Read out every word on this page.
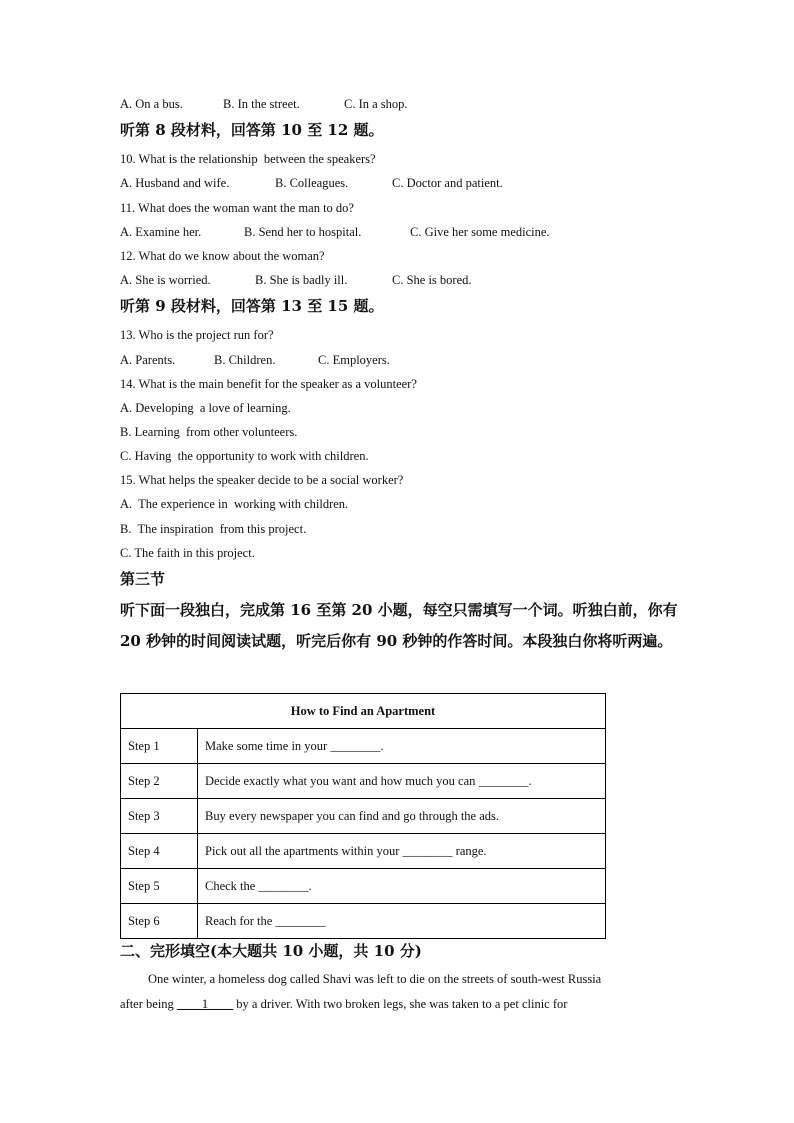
A. On a bus.	B. In the street.	C. In a shop.
听第 8 段材料，回答第 10 至 12 题。
10. What is the relationship  between the speakers?
A. Husband and wife.	B. Colleagues.	C. Doctor and patient.
11. What does the woman want the man to do?
A. Examine her.	B. Send her to hospital.	C. Give her some medicine.
12. What do we know about the woman?
A. She is worried.	B. She is badly ill.	C. She is bored.
听第 9 段材料，回答第 13 至 15 题。
13. Who is the project run for?
A. Parents.	B. Children.	C. Employers.
14. What is the main benefit for the speaker as a volunteer?
A. Developing  a love of learning.
B. Learning  from other volunteers.
C. Having  the opportunity to work with children.
15. What helps the speaker decide to be a social worker?
A.  The experience in  working with children.
B.  The inspiration  from this project.
C. The faith in this project.
第三节
听下面一段独白，完成第 16 至第 20 小题，每空只需填写一个词。听独白前，你有 20 秒钟的时间阅读试题，听完后你有 90 秒钟的作答时间。本段独白你将听两遍。
How to Find an Apartment	
Step 1	Make some time in your ________.
Step 2	Decide exactly what you want and how much you can ________.
Step 3	Buy every newspaper you can find and go through the ads.
Step 4	Pick out all the apartments within your ________ range.
Step 5	Check the ________.
Step 6	Reach for the ________
二、完形填空(本大题共 10 小题，共 10 分)
One winter, a homeless dog called Shavi was left to die on the streets of south-west Russia
after being ____1____ by a driver. With two broken legs, she was taken to a pet clinic for
